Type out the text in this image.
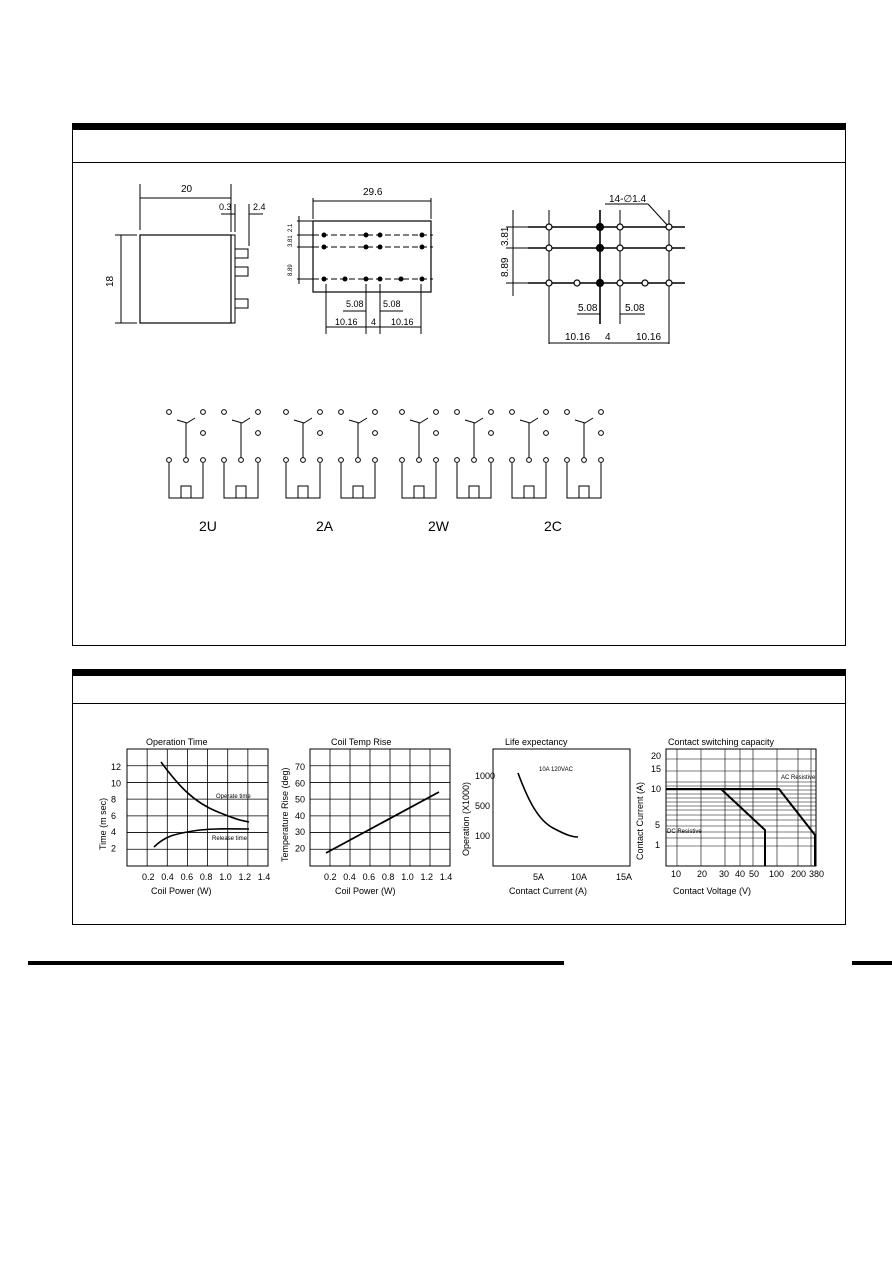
20
0.3 2.4
18
29.6
2.1
3.81
8.89
5.08 5.08
10.16 4 10.16
14-∅1.4
3.81
8.89
5.08	5.08
10.16 4	10.16
2U	2A	2W	2C
Operation Time
Time (m sec)
Coil Power (W)
12
10
8
6
4
2
0.2 0.4 0.6 0.8 1.0 1.2 1.4
Operate time
Release time
Coil Temp Rise
Temperature Rise (deg)
Coil Power (W)
70
60
50
40
30
20
0.2 0.4 0.6 0.8 1.0 1.2 1.4
Life expectancy
Operation (X1000)
Contact Current (A)
1000
500
100
5A	10A	15A
10A 120VAC
Contact switching capacity
Contact Current (A)
Contact Voltage (V)
20
15
10
5
1
10 20 30 40 50 100 200 380
AC Resistive
DC Resistive
